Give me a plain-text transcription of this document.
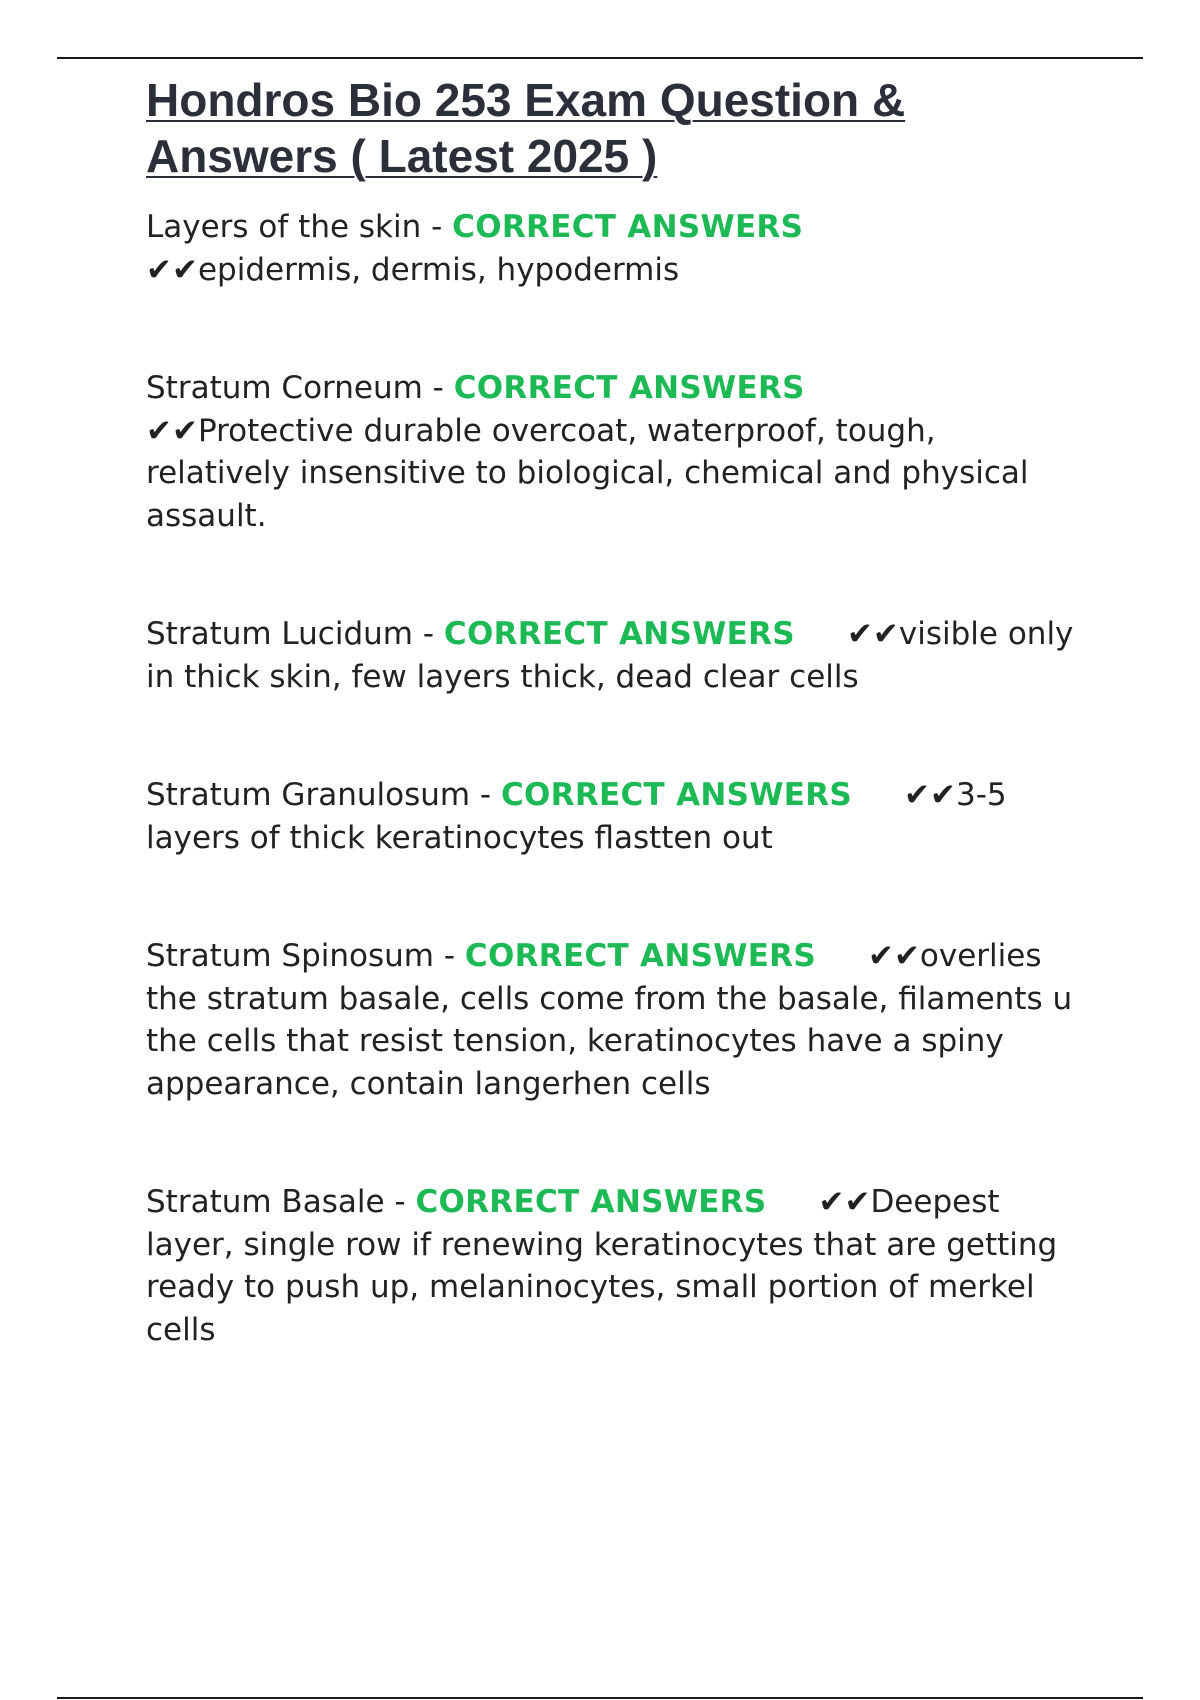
Hondros Bio 253 Exam Question & Answers ( Latest 2025 )

Layers of the skin - CORRECT ANSWERS
✔✔epidermis, dermis, hypodermis

Stratum Corneum - CORRECT ANSWERS
✔✔Protective durable overcoat, waterproof, tough, relatively insensitive to biological, chemical and physical assault.

Stratum Lucidum - CORRECT ANSWERS ✔✔visible only in thick skin, few layers thick, dead clear cells

Stratum Granulosum - CORRECT ANSWERS ✔✔3-5 layers of thick keratinocytes flastten out

Stratum Spinosum - CORRECT ANSWERS ✔✔overlies the stratum basale, cells come from the basale, filaments u the cells that resist tension, keratinocytes have a spiny appearance, contain langerhen cells

Stratum Basale - CORRECT ANSWERS ✔✔Deepest layer, single row if renewing keratinocytes that are getting ready to push up, melaninocytes, small portion of merkel cells
